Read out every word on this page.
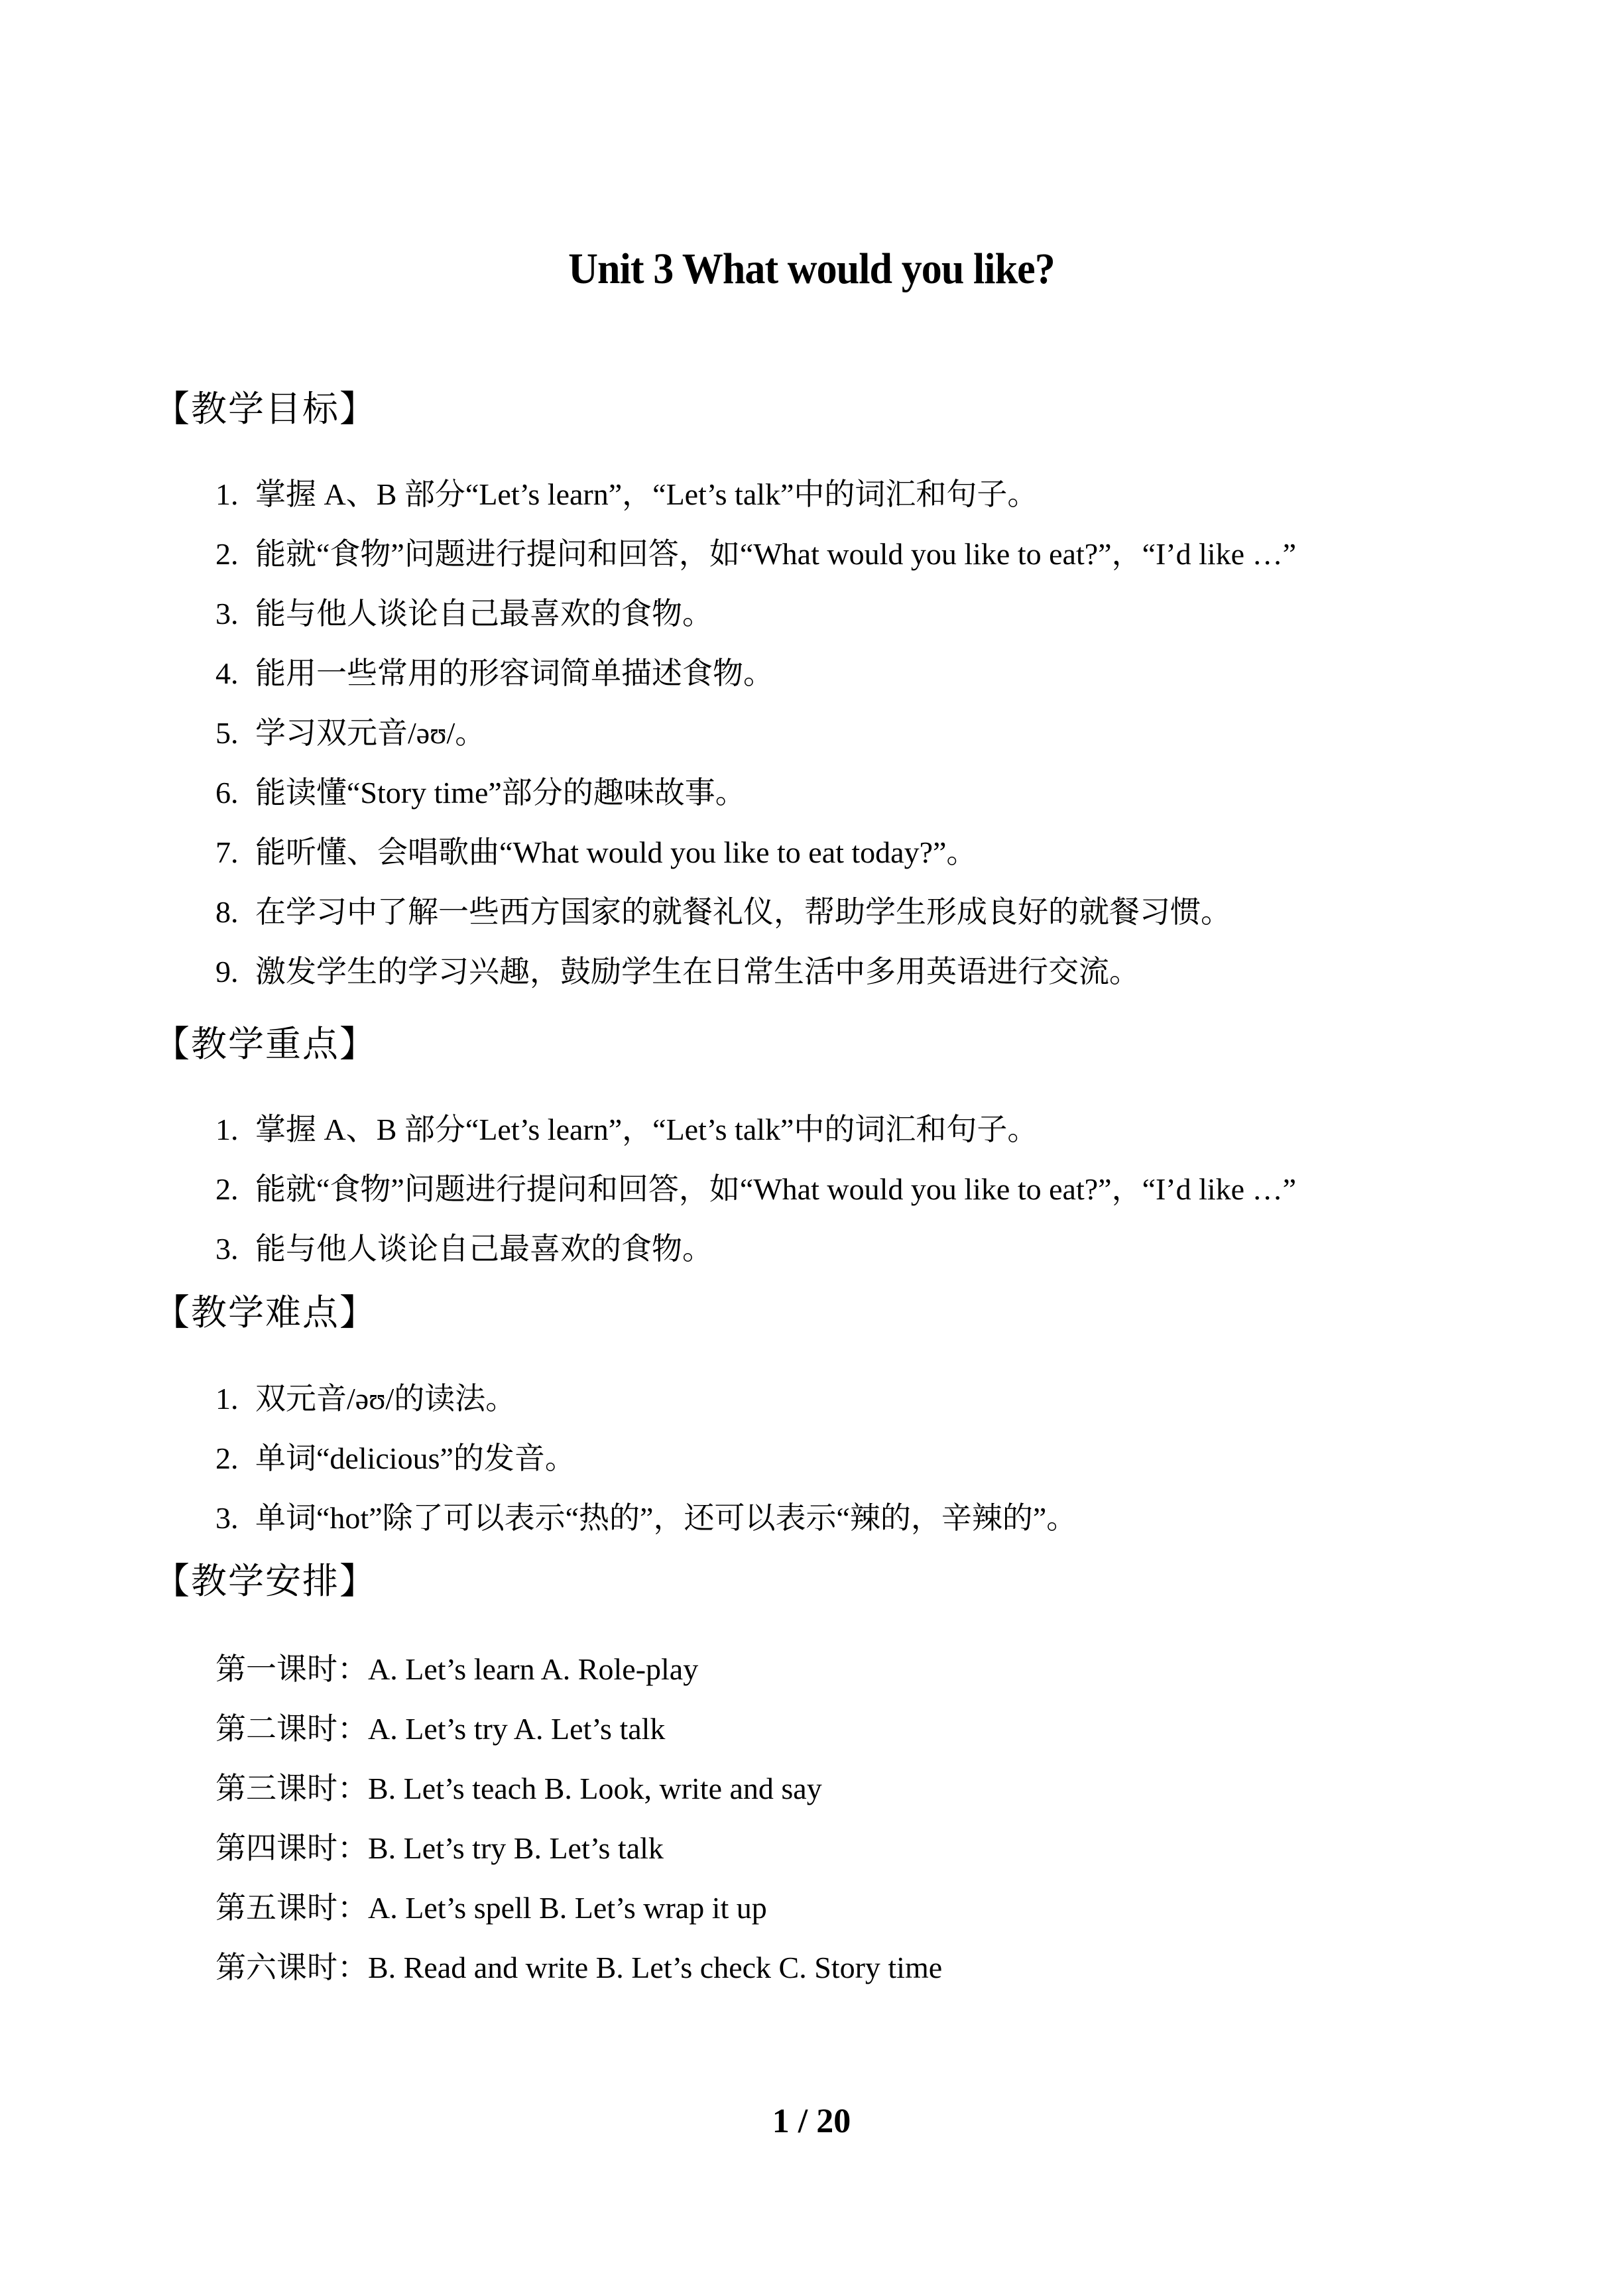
Unit 3 What would you like?
【教学目标】
1. 掌握 A、B 部分“Let’s learn”，“Let’s talk”中的词汇和句子。
2. 能就“食物”问题进行提问和回答，如“What would you like to eat?”，“I’d like …”
3. 能与他人谈论自己最喜欢的食物。
4. 能用一些常用的形容词简单描述食物。
5. 学习双元音/əʊ/。
6. 能读懂“Story time”部分的趣味故事。
7. 能听懂、会唱歌曲“What would you like to eat today?”。
8. 在学习中了解一些西方国家的就餐礼仪，帮助学生形成良好的就餐习惯。
9. 激发学生的学习兴趣，鼓励学生在日常生活中多用英语进行交流。
【教学重点】
1. 掌握 A、B 部分“Let’s learn”，“Let’s talk”中的词汇和句子。
2. 能就“食物”问题进行提问和回答，如“What would you like to eat?”，“I’d like …”
3. 能与他人谈论自己最喜欢的食物。
【教学难点】
1. 双元音/əʊ/的读法。
2. 单词“delicious”的发音。
3. 单词“hot”除了可以表示“热的”，还可以表示“辣的，辛辣的”。
【教学安排】
第一课时：A. Let’s learn A. Role-play
第二课时：A. Let’s try A. Let’s talk
第三课时：B. Let’s teach B. Look, write and say
第四课时：B. Let’s try B. Let’s talk
第五课时：A. Let’s spell B. Let’s wrap it up
第六课时：B. Read and write B. Let’s check C. Story time
1 / 20
